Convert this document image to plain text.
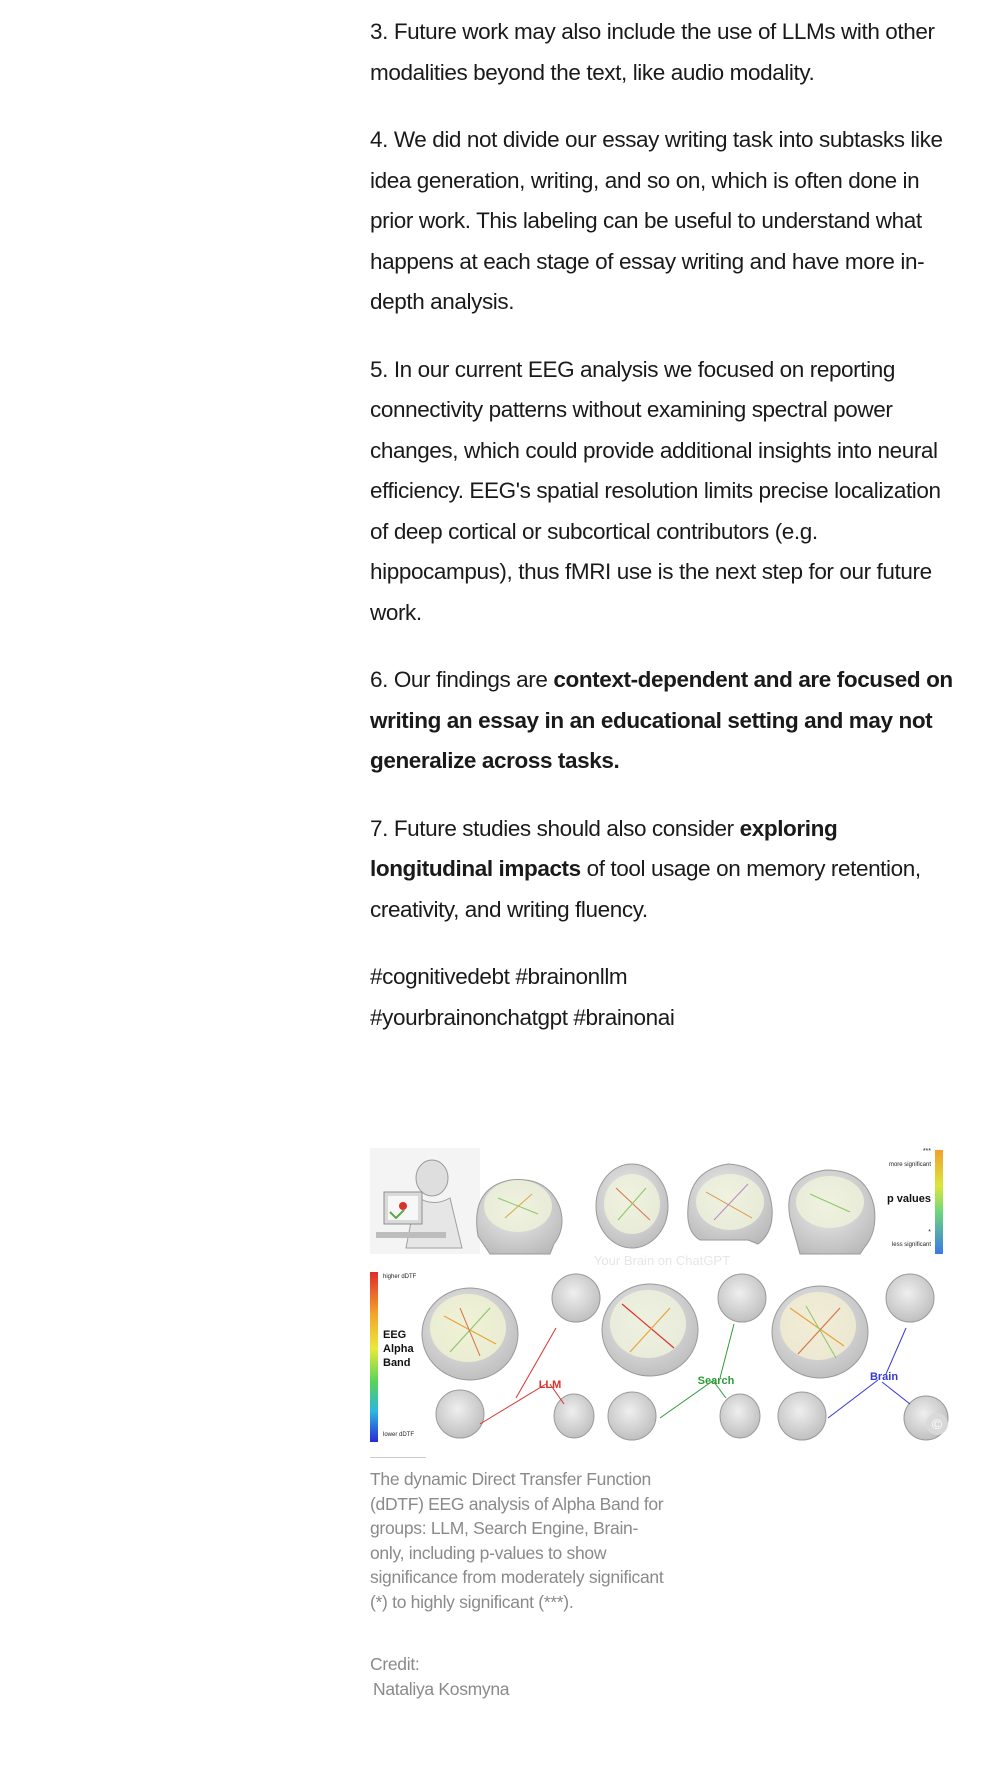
3. Future work may also include the use of LLMs with other modalities beyond the text, like audio modality.

4. We did not divide our essay writing task into subtasks like idea generation, writing, and so on, which is often done in prior work. This labeling can be useful to understand what happens at each stage of essay writing and have more in-depth analysis.

5. In our current EEG analysis we focused on reporting connectivity patterns without examining spectral power changes, which could provide additional insights into neural efficiency. EEG's spatial resolution limits precise localization of deep cortical or subcortical contributors (e.g. hippocampus), thus fMRI use is the next step for our future work.

6. Our findings are context-dependent and are focused on writing an essay in an educational setting and may not generalize across tasks.

7. Future studies should also consider exploring longitudinal impacts of tool usage on memory retention, creativity, and writing fluency.

#cognitivedebt #brainonllm
#yourbrainonchatgpt #brainonai

***
more significant
p values
*
less significant
Your Brain on ChatGPT
higher dDTF
EEG
Alpha
Band
lower dDTF
LLM	Search	Brain
©
The dynamic Direct Transfer Function (dDTF) EEG analysis of Alpha Band for groups: LLM, Search Engine, Brain-only, including p-values to show significance from moderately significant (*) to highly significant (***).
Credit:
Nataliya Kosmyna
